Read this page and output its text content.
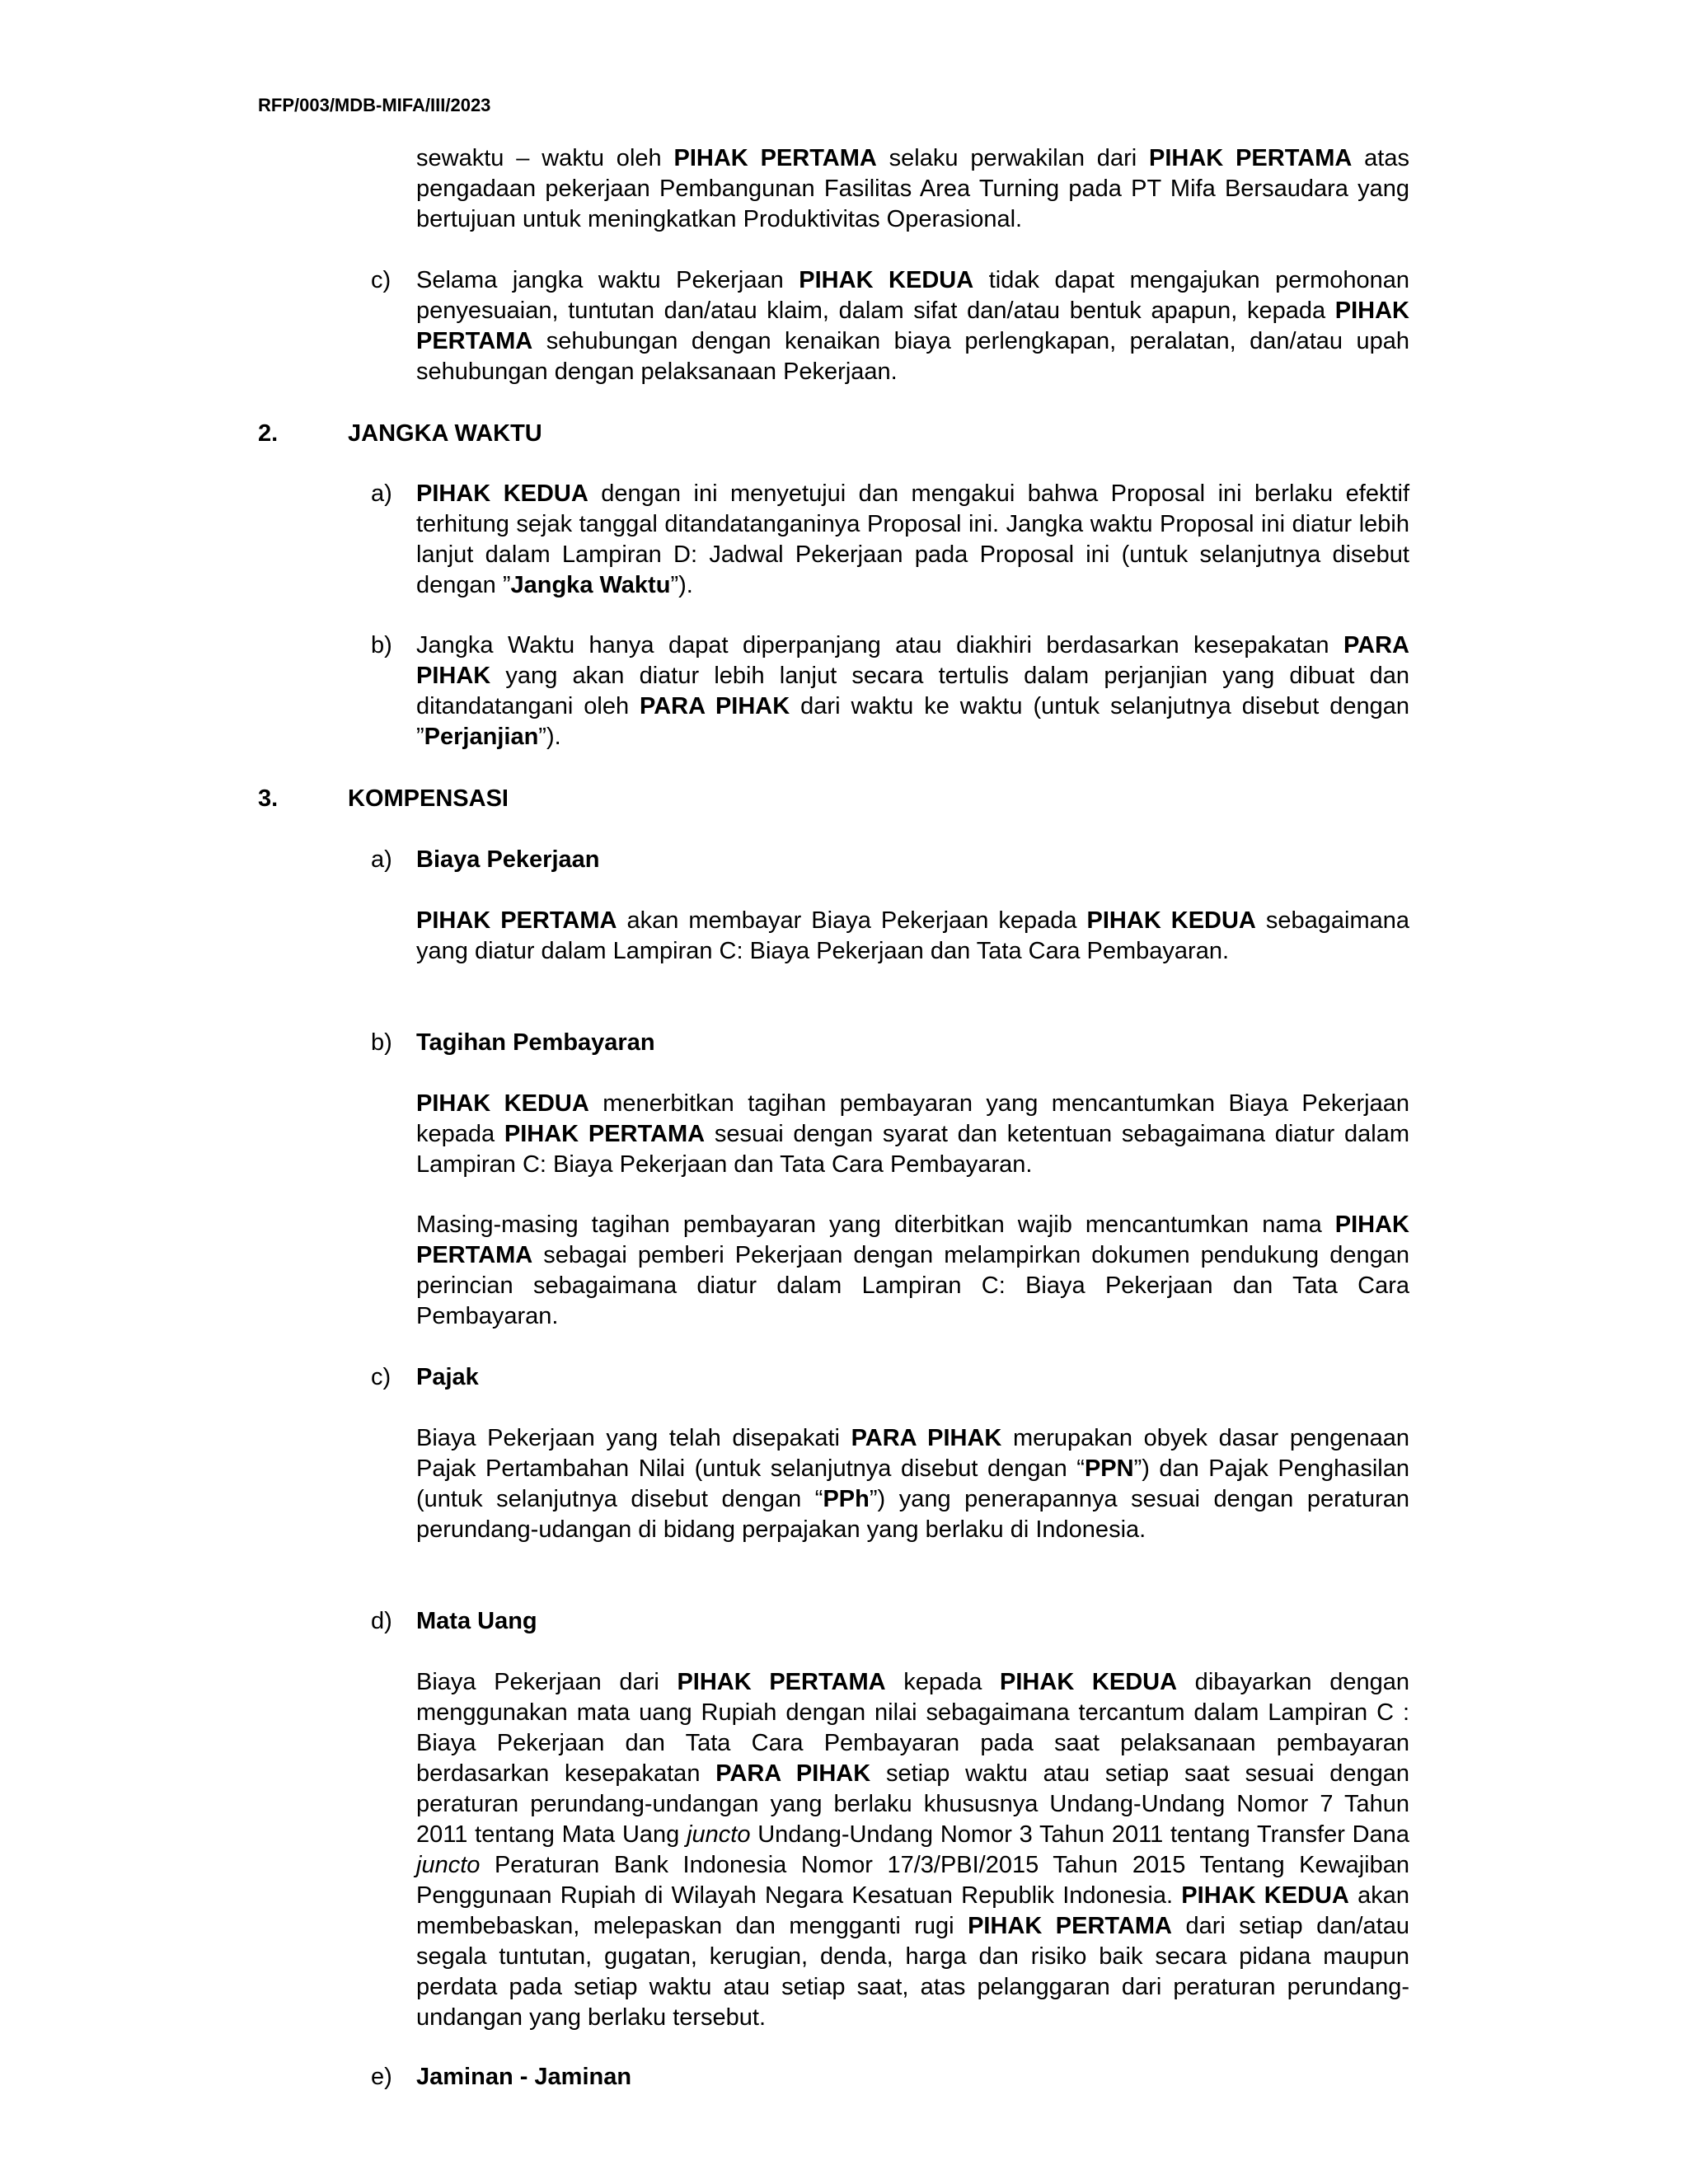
RFP/003/MDB-MIFA/III/2023

sewaktu – waktu oleh PIHAK PERTAMA selaku perwakilan dari PIHAK PERTAMA atas pengadaan pekerjaan Pembangunan Fasilitas Area Turning pada PT Mifa Bersaudara yang bertujuan untuk meningkatkan Produktivitas Operasional.

c)	Selama jangka waktu Pekerjaan PIHAK KEDUA tidak dapat mengajukan permohonan penyesuaian, tuntutan dan/atau klaim, dalam sifat dan/atau bentuk apapun, kepada PIHAK PERTAMA sehubungan dengan kenaikan biaya perlengkapan, peralatan, dan/atau upah sehubungan dengan pelaksanaan Pekerjaan.

2.	JANGKA WAKTU
a)	PIHAK KEDUA dengan ini menyetujui dan mengakui bahwa Proposal ini berlaku efektif terhitung sejak tanggal ditandatanganinya Proposal ini. Jangka waktu Proposal ini diatur lebih lanjut dalam Lampiran D: Jadwal Pekerjaan pada Proposal ini (untuk selanjutnya disebut dengan ”Jangka Waktu”).

b)	Jangka Waktu hanya dapat diperpanjang atau diakhiri berdasarkan kesepakatan PARA PIHAK yang akan diatur lebih lanjut secara tertulis dalam perjanjian yang dibuat dan ditandatangani oleh PARA PIHAK dari waktu ke waktu (untuk selanjutnya disebut dengan ”Perjanjian”).

3.	KOMPENSASI
a)	Biaya Pekerjaan

PIHAK PERTAMA akan membayar Biaya Pekerjaan kepada PIHAK KEDUA sebagaimana yang diatur dalam Lampiran C: Biaya Pekerjaan dan Tata Cara Pembayaran.

b)	Tagihan Pembayaran

PIHAK KEDUA menerbitkan tagihan pembayaran yang mencantumkan Biaya Pekerjaan kepada PIHAK PERTAMA sesuai dengan syarat dan ketentuan sebagaimana diatur dalam Lampiran C: Biaya Pekerjaan dan Tata Cara Pembayaran.

Masing-masing tagihan pembayaran yang diterbitkan wajib mencantumkan nama PIHAK PERTAMA sebagai pemberi Pekerjaan dengan melampirkan dokumen pendukung dengan perincian sebagaimana diatur dalam Lampiran C: Biaya Pekerjaan dan Tata Cara Pembayaran.

c)	Pajak

Biaya Pekerjaan yang telah disepakati PARA PIHAK merupakan obyek dasar pengenaan Pajak Pertambahan Nilai (untuk selanjutnya disebut dengan “PPN”) dan Pajak Penghasilan (untuk selanjutnya disebut dengan “PPh”) yang penerapannya sesuai dengan peraturan perundang-udangan di bidang perpajakan yang berlaku di Indonesia.

d)	Mata Uang

Biaya Pekerjaan dari PIHAK PERTAMA kepada PIHAK KEDUA dibayarkan dengan menggunakan mata uang Rupiah dengan nilai sebagaimana tercantum dalam Lampiran C : Biaya Pekerjaan dan Tata Cara Pembayaran pada saat pelaksanaan pembayaran berdasarkan kesepakatan PARA PIHAK setiap waktu atau setiap saat sesuai dengan peraturan perundang-undangan yang berlaku khususnya Undang-Undang Nomor 7 Tahun 2011 tentang Mata Uang juncto Undang-Undang Nomor 3 Tahun 2011 tentang Transfer Dana juncto Peraturan Bank Indonesia Nomor 17/3/PBI/2015 Tahun 2015 Tentang Kewajiban Penggunaan Rupiah di Wilayah Negara Kesatuan Republik Indonesia. PIHAK KEDUA akan membebaskan, melepaskan dan mengganti rugi PIHAK PERTAMA dari setiap dan/atau segala tuntutan, gugatan, kerugian, denda, harga dan risiko baik secara pidana maupun perdata pada setiap waktu atau setiap saat, atas pelanggaran dari peraturan perundang-undangan yang berlaku tersebut.

e)	Jaminan - Jaminan
